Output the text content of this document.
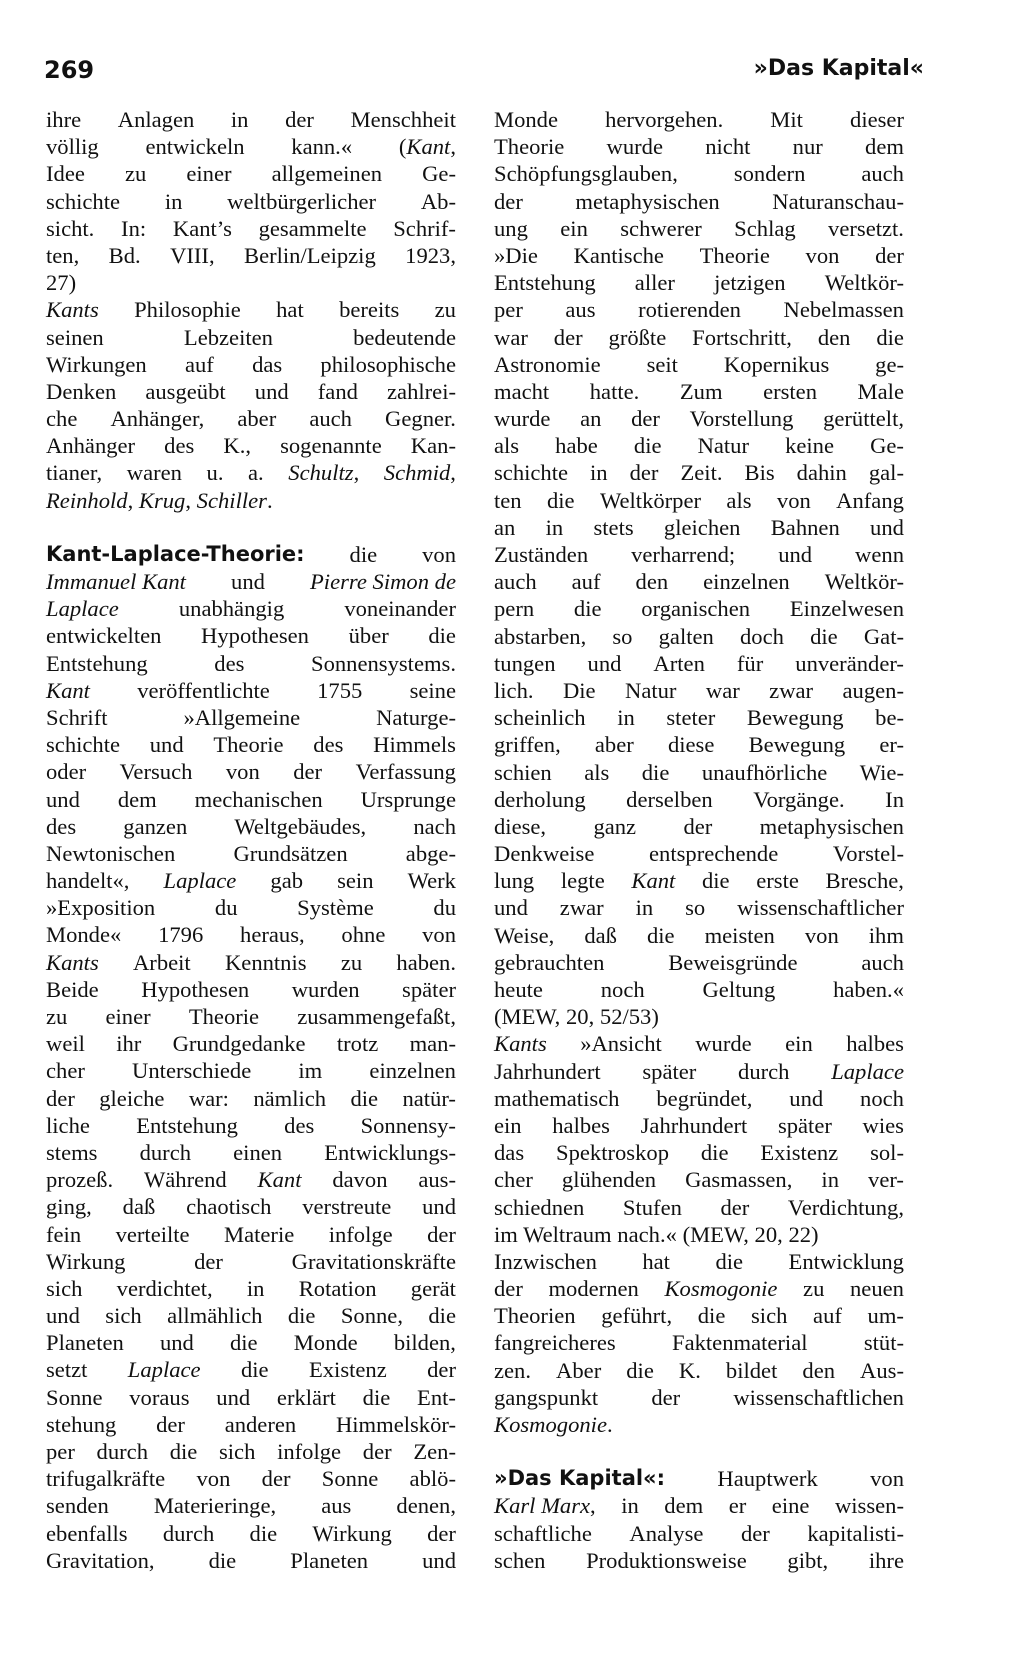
269	»Das Kapital«
ihre Anlagen in der Menschheit
völlig entwickeln kann.« (Kant,
Idee zu einer allgemeinen Ge-
schichte in weltbürgerlicher Ab-
sicht. In: Kant’s gesammelte Schrif-
ten, Bd. VIII, Berlin/Leipzig 1923,
27)
Kants Philosophie hat bereits zu
seinen	Lebzeiten	bedeutende
Wirkungen auf das philosophische
Denken ausgeübt und fand zahlrei-
che Anhänger, aber auch Gegner.
Anhänger des K., sogenannte Kan-
tianer, waren u. a. Schultz, Schmid,
Reinhold, Krug, Schiller.
Kant-Laplace-Theorie: die von
Immanuel Kant und Pierre Simon de
Laplace	unabhängig	voneinander
entwickelten Hypothesen über die
Entstehung	des	Sonnensystems.
Kant veröffentlichte 1755 seine
Schrift	»Allgemeine	Naturge-
schichte und Theorie des Himmels
oder Versuch von der Verfassung
und dem mechanischen Ursprunge
des ganzen Weltgebäudes, nach
Newtonischen	Grundsätzen	abge-
handelt«, Laplace gab sein Werk
»Exposition	du	Système	du
Monde« 1796 heraus, ohne von
Kants Arbeit Kenntnis zu haben.
Beide Hypothesen wurden später
zu einer Theorie zusammengefaßt,
weil ihr Grundgedanke trotz man-
cher Unterschiede im einzelnen
der gleiche war: nämlich die natür-
liche Entstehung des Sonnensy-
stems durch einen Entwicklungs-
prozeß. Während Kant davon aus-
ging, daß chaotisch verstreute und
fein verteilte Materie infolge der
Wirkung	der	Gravitationskräfte
sich verdichtet, in Rotation gerät
und sich allmählich die Sonne, die
Planeten und die Monde bilden,
setzt Laplace die Existenz der
Sonne voraus und erklärt die Ent-
stehung der anderen Himmelskör-
per durch die sich infolge der Zen-
trifugalkräfte von der Sonne ablö-
senden Materieringe, aus denen,
ebenfalls durch die Wirkung der
Gravitation, die Planeten und
Monde hervorgehen. Mit dieser
Theorie wurde nicht nur dem
Schöpfungsglauben, sondern auch
der metaphysischen Naturanschau-
ung ein schwerer Schlag versetzt.
»Die Kantische Theorie von der
Entstehung aller jetzigen Weltkör-
per aus rotierenden Nebelmassen
war der größte Fortschritt, den die
Astronomie seit Kopernikus ge-
macht hatte. Zum ersten Male
wurde an der Vorstellung gerüttelt,
als habe die Natur keine Ge-
schichte in der Zeit. Bis dahin gal-
ten die Weltkörper als von Anfang
an in stets gleichen Bahnen und
Zuständen verharrend; und wenn
auch auf den einzelnen Weltkör-
pern die organischen Einzelwesen
abstarben, so galten doch die Gat-
tungen und Arten für unveränder-
lich. Die Natur war zwar augen-
scheinlich in steter Bewegung be-
griffen, aber diese Bewegung er-
schien als die unaufhörliche Wie-
derholung derselben Vorgänge. In
diese, ganz der metaphysischen
Denkweise entsprechende Vorstel-
lung legte Kant die erste Bresche,
und zwar in so wissenschaftlicher
Weise, daß die meisten von ihm
gebrauchten	Beweisgründe	auch
heute	noch	Geltung	haben.«
(MEW, 20, 52/53)
Kants »Ansicht wurde ein halbes
Jahrhundert später durch Laplace
mathematisch begründet, und noch
ein halbes Jahrhundert später wies
das Spektroskop die Existenz sol-
cher glühenden Gasmassen, in ver-
schiednen Stufen der Verdichtung,
im Weltraum nach.« (MEW, 20, 22)
Inzwischen hat die Entwicklung
der modernen Kosmogonie zu neuen
Theorien geführt, die sich auf um-
fangreicheres Faktenmaterial stüt-
zen. Aber die K. bildet den Aus-
gangspunkt der wissenschaftlichen
Kosmogonie.
»Das Kapital«: Hauptwerk von
Karl Marx, in dem er eine wissen-
schaftliche Analyse der kapitalisti-
schen Produktionsweise gibt, ihre
